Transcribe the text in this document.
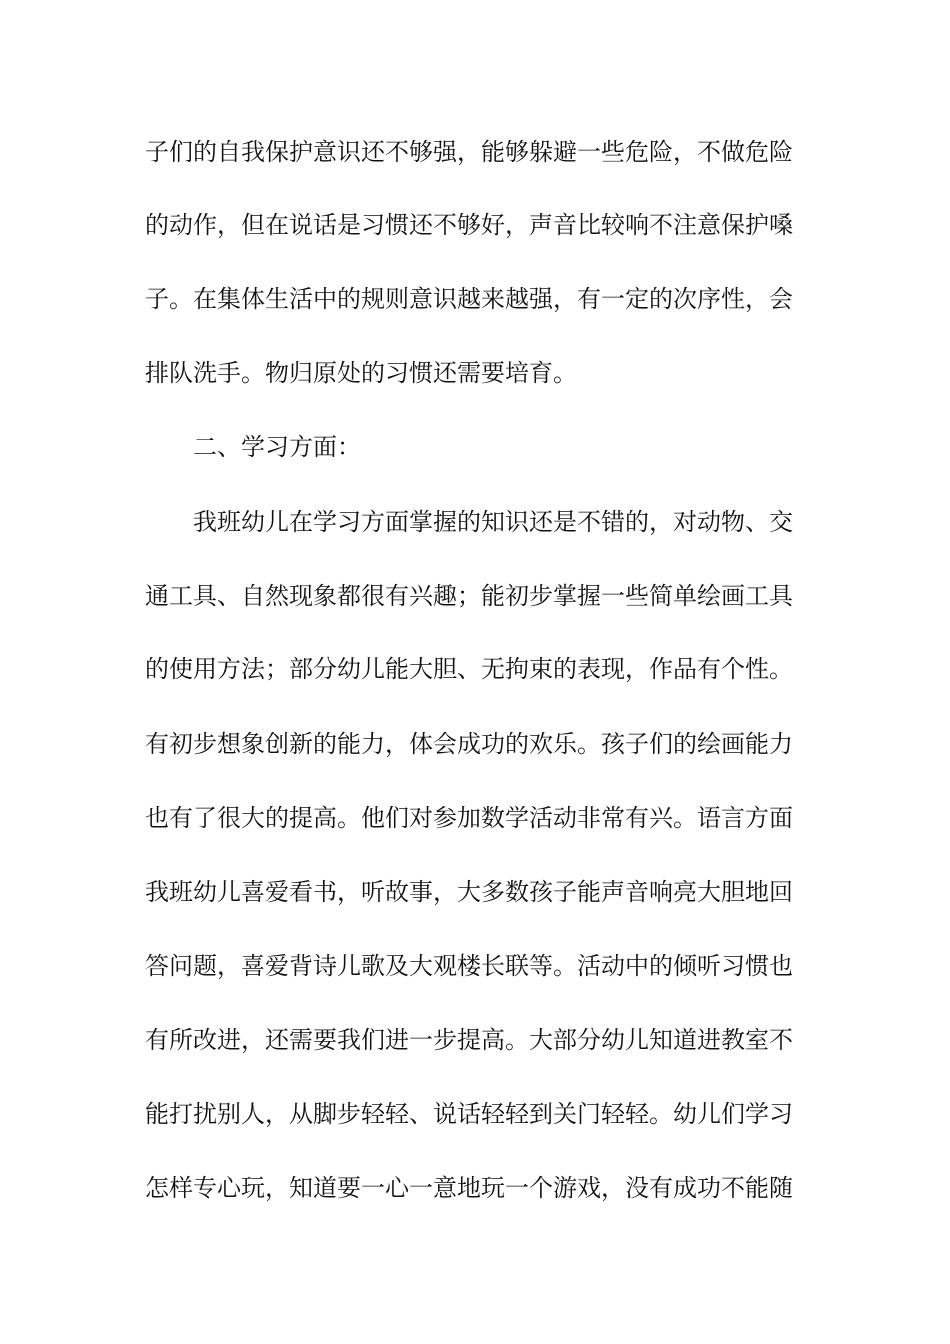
子们的自我保护意识还不够强，能够躲避一些危险，不做危险
的动作，但在说话是习惯还不够好，声音比较响不注意保护嗓
子。在集体生活中的规则意识越来越强，有一定的次序性，会
排队洗手。物归原处的习惯还需要培育。
二、学习方面：
我班幼儿在学习方面掌握的知识还是不错的，对动物、交
通工具、自然现象都很有兴趣；能初步掌握一些简单绘画工具
的使用方法；部分幼儿能大胆、无拘束的表现，作品有个性。
有初步想象创新的能力，体会成功的欢乐。孩子们的绘画能力
也有了很大的提高。他们对参加数学活动非常有兴。语言方面
我班幼儿喜爱看书，听故事，大多数孩子能声音响亮大胆地回
答问题，喜爱背诗儿歌及大观楼长联等。活动中的倾听习惯也
有所改进，还需要我们进一步提高。大部分幼儿知道进教室不
能打扰别人，从脚步轻轻、说话轻轻到关门轻轻。幼儿们学习
怎样专心玩，知道要一心一意地玩一个游戏，没有成功不能随
